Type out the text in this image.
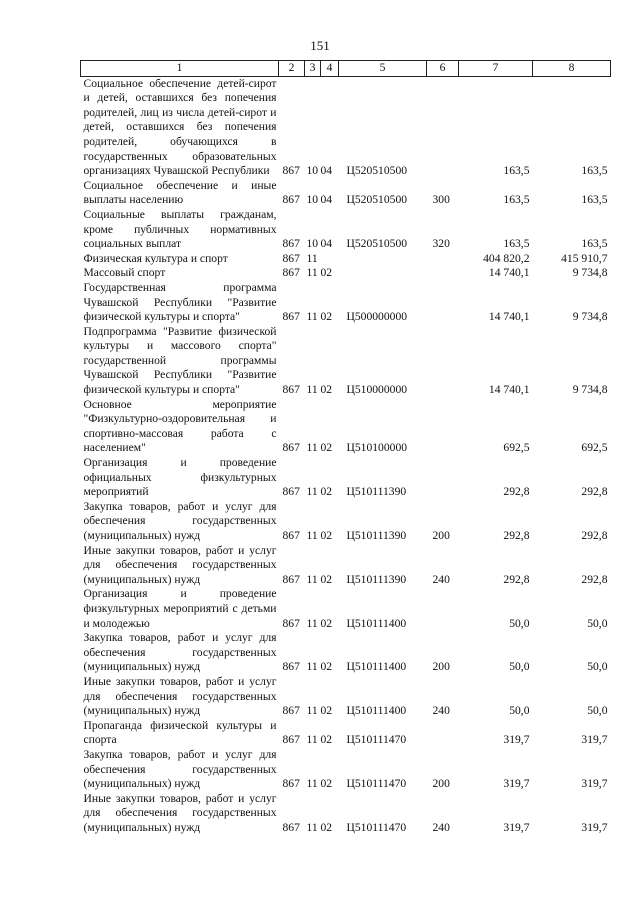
151
1	2	3	4	5	6	7	8
Социальное обеспечение детей-сирот и детей, оставшихся без попечения родителей, лиц из числа детей-сирот и детей, оставшихся без попечения родителей, обучающихся в государственных образовательных организациях Чувашской Республики	867	10	04	Ц520510500		163,5	163,5
Социальное обеспечение и иные выплаты населению	867	10	04	Ц520510500	300	163,5	163,5
Социальные выплаты гражданам, кроме публичных нормативных социальных выплат	867	10	04	Ц520510500	320	163,5	163,5
Физическая культура и спорт	867	11				404 820,2	415 910,7
Массовый спорт	867	11	02			14 740,1	9 734,8
Государственная программа Чувашской Республики "Развитие физической культуры и спорта"	867	11	02	Ц500000000		14 740,1	9 734,8
Подпрограмма "Развитие физической культуры и массового спорта" государственной программы Чувашской Республики "Развитие физической культуры и спорта"	867	11	02	Ц510000000		14 740,1	9 734,8
Основное мероприятие "Физкультурно-оздоровительная и спортивно-массовая работа с населением"	867	11	02	Ц510100000		692,5	692,5
Организация и проведение официальных физкультурных мероприятий	867	11	02	Ц510111390		292,8	292,8
Закупка товаров, работ и услуг для обеспечения государственных (муниципальных) нужд	867	11	02	Ц510111390	200	292,8	292,8
Иные закупки товаров, работ и услуг для обеспечения государственных (муниципальных) нужд	867	11	02	Ц510111390	240	292,8	292,8
Организация и проведение физкультурных мероприятий с детьми и молодежью	867	11	02	Ц510111400		50,0	50,0
Закупка товаров, работ и услуг для обеспечения государственных (муниципальных) нужд	867	11	02	Ц510111400	200	50,0	50,0
Иные закупки товаров, работ и услуг для обеспечения государственных (муниципальных) нужд	867	11	02	Ц510111400	240	50,0	50,0
Пропаганда физической культуры и спорта	867	11	02	Ц510111470		319,7	319,7
Закупка товаров, работ и услуг для обеспечения государственных (муниципальных) нужд	867	11	02	Ц510111470	200	319,7	319,7
Иные закупки товаров, работ и услуг для обеспечения государственных (муниципальных) нужд	867	11	02	Ц510111470	240	319,7	319,7
